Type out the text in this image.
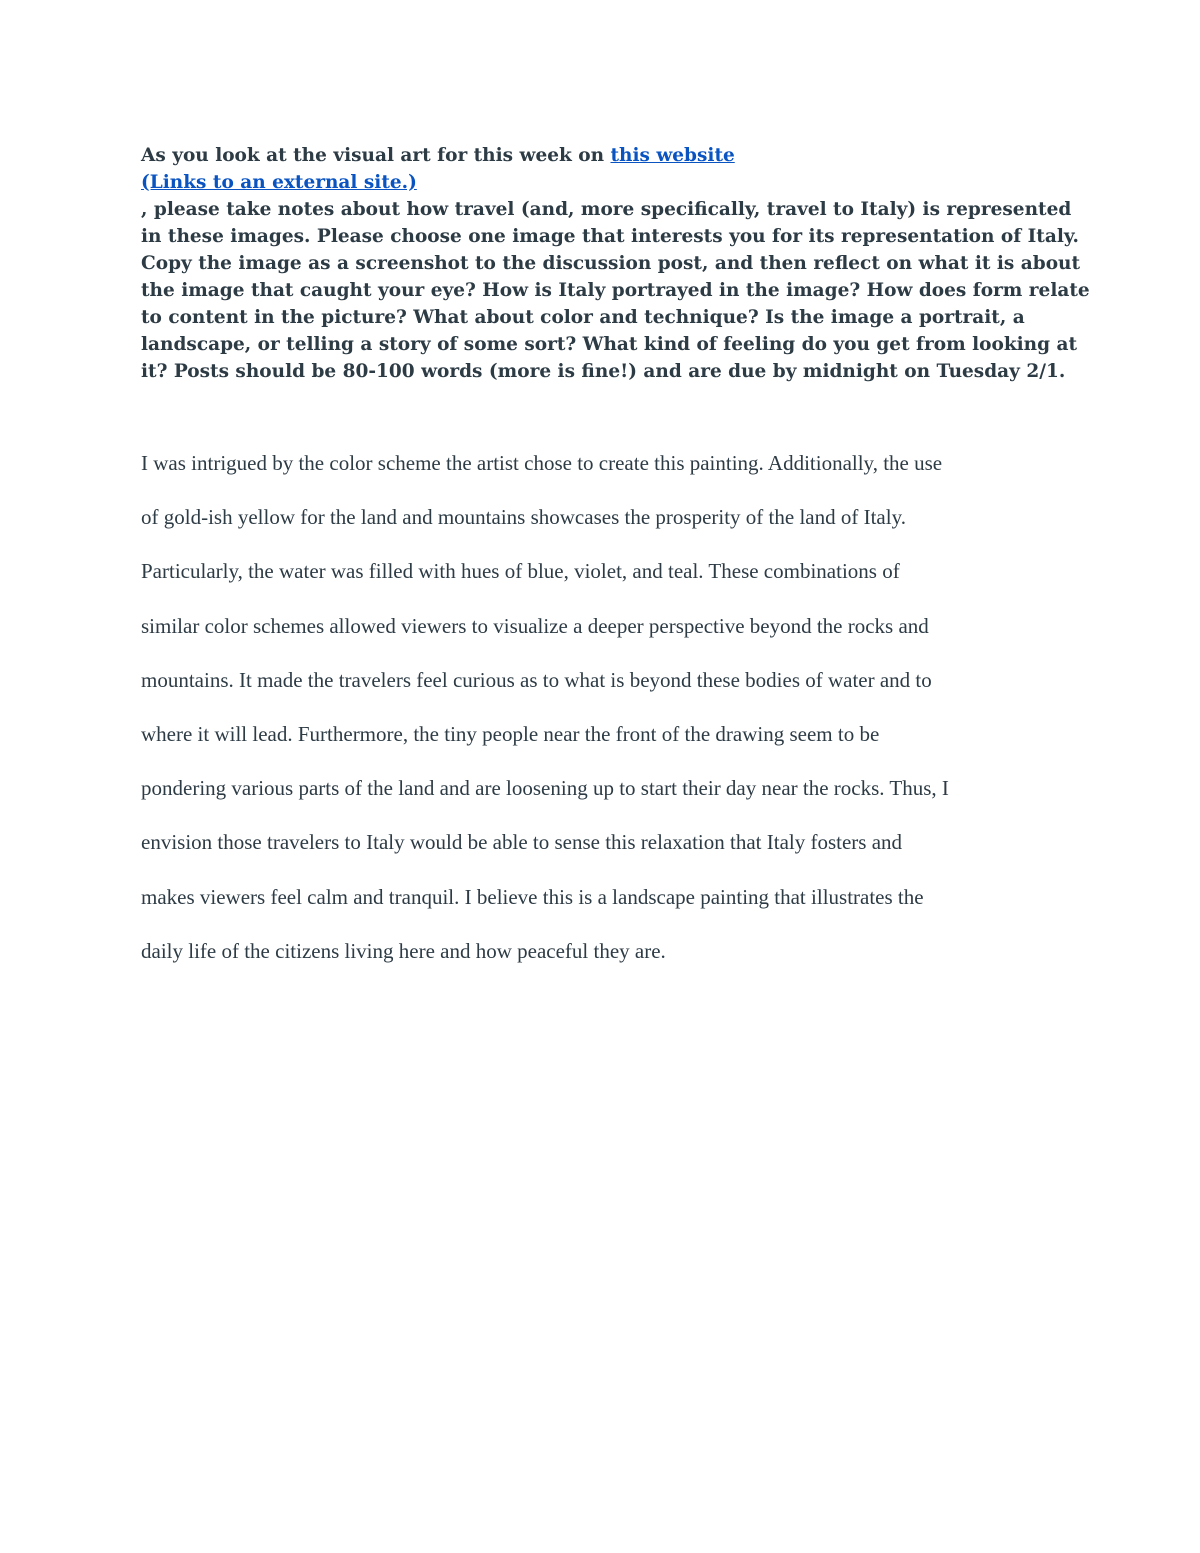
As you look at the visual art for this week on this website
(Links to an external site.)
, please take notes about how travel (and, more specifically, travel to Italy) is represented
in these images. Please choose one image that interests you for its representation of Italy.
Copy the image as a screenshot to the discussion post, and then reflect on what it is about
the image that caught your eye? How is Italy portrayed in the image? How does form relate
to content in the picture? What about color and technique? Is the image a portrait, a
landscape, or telling a story of some sort? What kind of feeling do you get from looking at
it? Posts should be 80-100 words (more is fine!) and are due by midnight on Tuesday 2/1.
I was intrigued by the color scheme the artist chose to create this painting. Additionally, the use
of gold-ish yellow for the land and mountains showcases the prosperity of the land of Italy.
Particularly, the water was filled with hues of blue, violet, and teal. These combinations of
similar color schemes allowed viewers to visualize a deeper perspective beyond the rocks and
mountains. It made the travelers feel curious as to what is beyond these bodies of water and to
where it will lead. Furthermore, the tiny people near the front of the drawing seem to be
pondering various parts of the land and are loosening up to start their day near the rocks. Thus, I
envision those travelers to Italy would be able to sense this relaxation that Italy fosters and
makes viewers feel calm and tranquil. I believe this is a landscape painting that illustrates the
daily life of the citizens living here and how peaceful they are.
